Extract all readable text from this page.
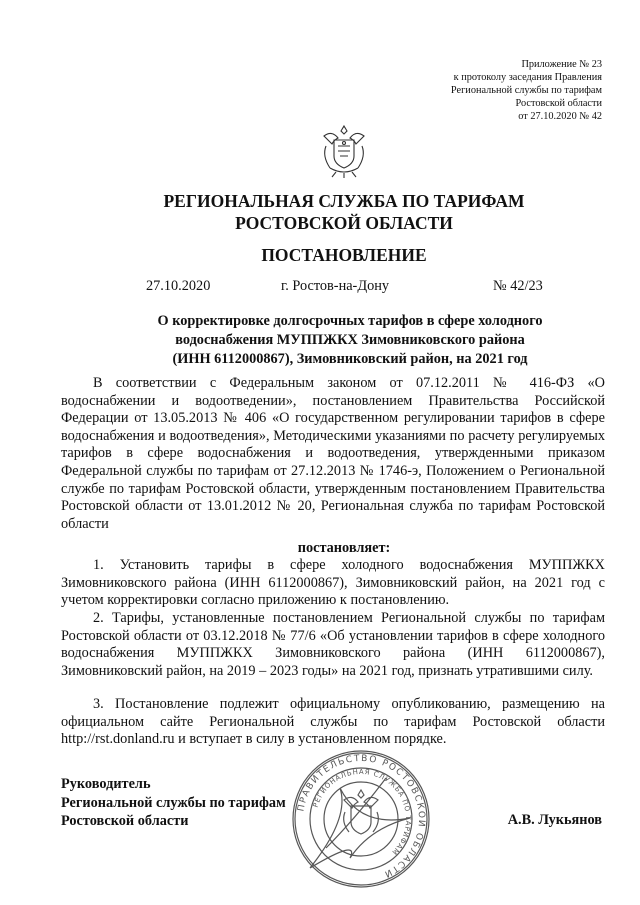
Приложение № 23
к протоколу заседания Правления
Региональной службы по тарифам
Ростовской области
от 27.10.2020 № 42
РЕГИОНАЛЬНАЯ СЛУЖБА ПО ТАРИФАМ
РОСТОВСКОЙ ОБЛАСТИ
ПОСТАНОВЛЕНИЕ
27.10.2020	г. Ростов-на-Дону	№ 42/23
О корректировке долгосрочных тарифов в сфере холодного
водоснабжения МУППЖКХ Зимовниковского района
(ИНН 6112000867), Зимовниковский район, на 2021 год
В соответствии с Федеральным законом от 07.12.2011 № 416-ФЗ «О водоснабжении и водоотведении», постановлением Правительства Российской Федерации от 13.05.2013 № 406 «О государственном регулировании тарифов в сфере водоснабжения и водоотведения», Методическими указаниями по расчету регулируемых тарифов в сфере водоснабжения и водоотведения, утвержденными приказом Федеральной службы по тарифам от 27.12.2013 № 1746-э, Положением о Региональной службе по тарифам Ростовской области, утвержденным постановлением Правительства Ростовской области от 13.01.2012 № 20, Региональная служба по тарифам Ростовской области
постановляет:
1. Установить тарифы в сфере холодного водоснабжения МУППЖКХ Зимовниковского района (ИНН 6112000867), Зимовниковский район, на 2021 год с учетом корректировки согласно приложению к постановлению.
2. Тарифы, установленные постановлением Региональной службы по тарифам Ростовской области от 03.12.2018 № 77/6 «Об установлении тарифов в сфере холодного водоснабжения МУППЖКХ Зимовниковского района (ИНН 6112000867), Зимовниковский район, на 2019 – 2023 годы» на 2021 год, признать утратившими силу.
3. Постановление подлежит официальному опубликованию, размещению на официальном сайте Региональной службы по тарифам Ростовской области http://rst.donland.ru и вступает в силу в установленном порядке.
Руководитель
Региональной службы по тарифам
Ростовской области
ПРАВИТЕЛЬСТВО РОСТОВСКОЙ ОБЛАСТИ
РЕГИОНАЛЬНАЯ СЛУЖБА ПО ТАРИФАМ
А.В. Лукьянов
